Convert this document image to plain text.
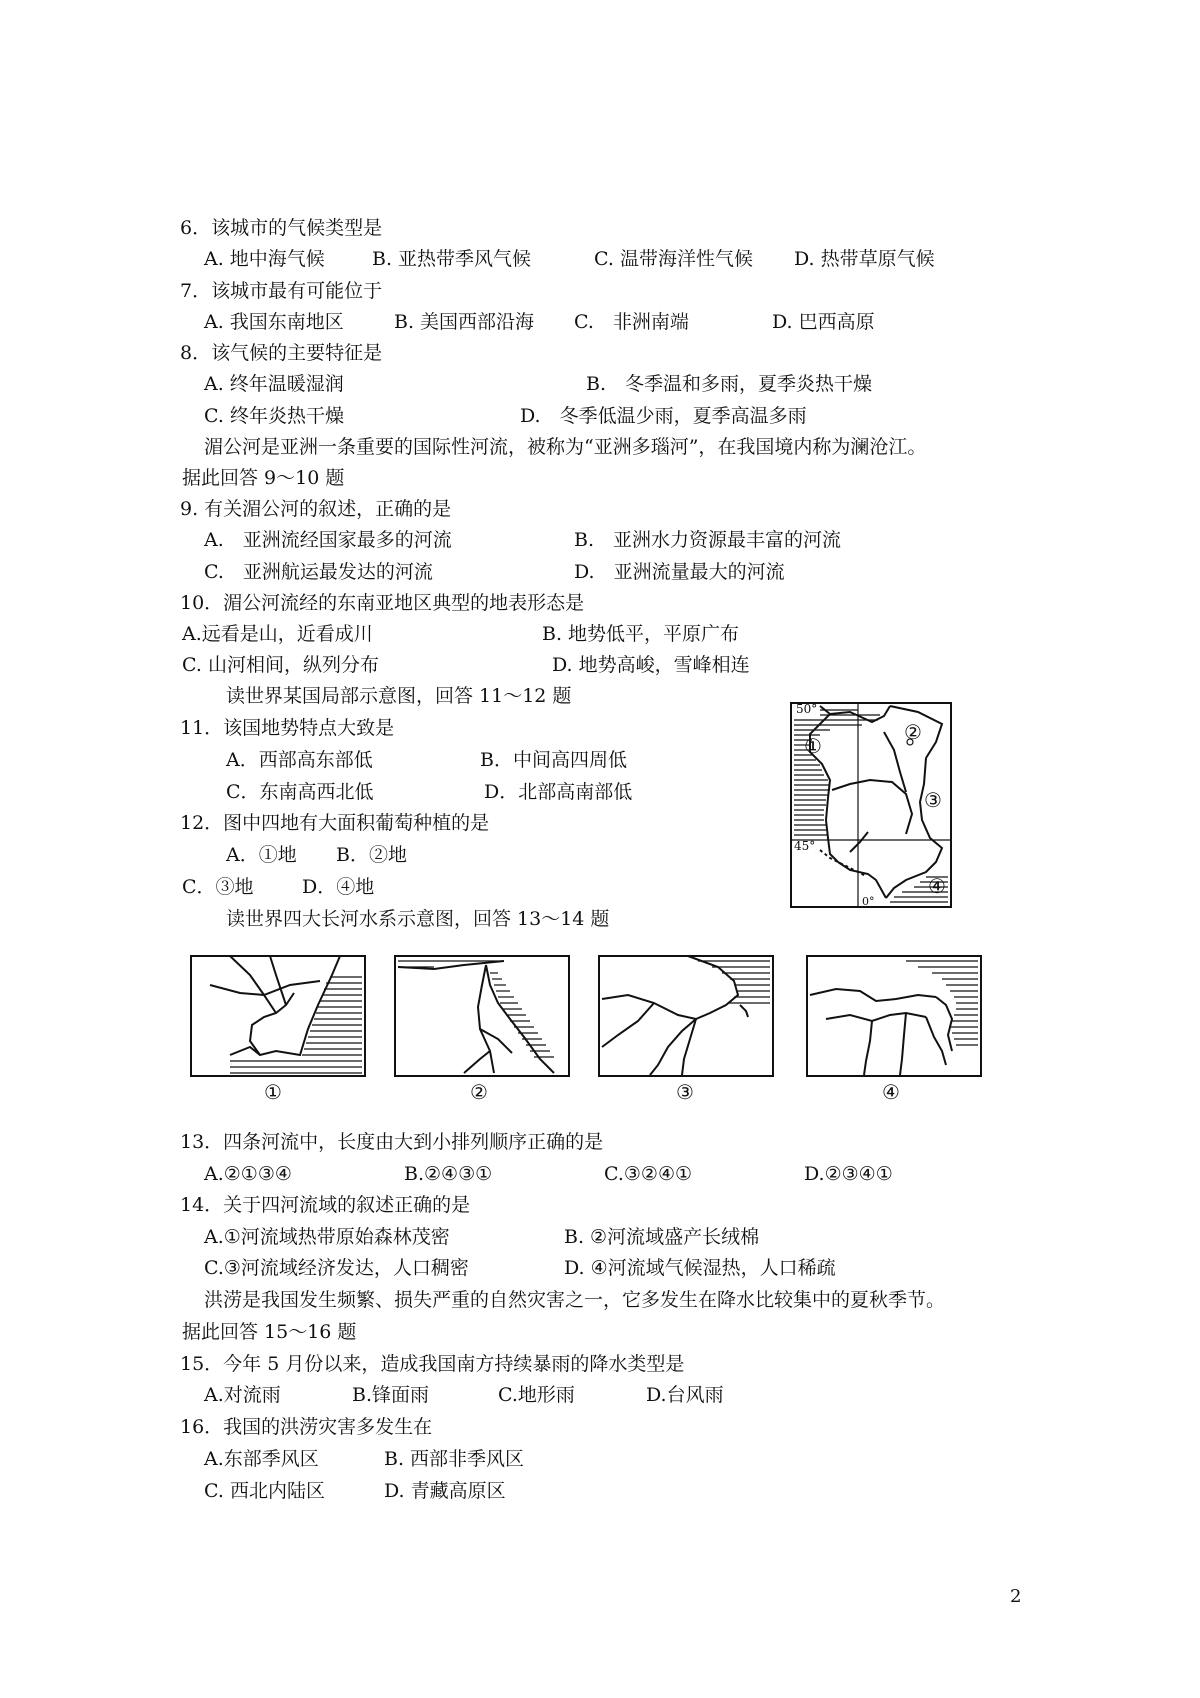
6．该城市的气候类型是
A. 地中海气候 B. 亚热带季风气候	C. 温带海洋性气候 D. 热带草原气候
7．该城市最有可能位于
A. 我国东南地区	B. 美国西部沿海 C.　非洲南端	D. 巴西高原
8．该气候的主要特征是
A. 终年温暖湿润	B.　冬季温和多雨，夏季炎热干燥
C. 终年炎热干燥	D.　冬季低温少雨，夏季高温多雨
湄公河是亚洲一条重要的国际性河流，被称为“亚洲多瑙河”，在我国境内称为澜沧江。
据此回答 9～10 题
9. 有关湄公河的叙述，正确的是
A.　亚洲流经国家最多的河流	B.　亚洲水力资源最丰富的河流
C.　亚洲航运最发达的河流	D.　亚洲流量最大的河流
10．湄公河流经的东南亚地区典型的地表形态是
A.远看是山，近看成川	B. 地势低平，平原广布
C. 山河相间，纵列分布	D. 地势高峻，雪峰相连
读世界某国局部示意图，回答 11～12 题
11．该国地势特点大致是
A．西部高东部低	B．中间高四周低
C．东南高西北低	D．北部高南部低
12．图中四地有大面积葡萄种植的是
A．①地 B．②地
C．③地	D．④地
50°
45°
0°
①
②
③
④
读世界四大长河水系示意图，回答 13～14 题
①	②	③	④
13．四条河流中，长度由大到小排列顺序正确的是
A.②①③④	B.②④③①	C.③②④①	D.②③④①
14．关于四河流域的叙述正确的是
A.①河流域热带原始森林茂密	B. ②河流域盛产长绒棉
C.③河流域经济发达，人口稠密	D. ④河流域气候湿热，人口稀疏
洪涝是我国发生频繁、损失严重的自然灾害之一，它多发生在降水比较集中的夏秋季节。
据此回答 15～16 题
15．今年 5 月份以来，造成我国南方持续暴雨的降水类型是
A.对流雨	B.锋面雨	C.地形雨	D.台风雨
16．我国的洪涝灾害多发生在
A.东部季风区	B. 西部非季风区
C. 西北内陆区	D. 青藏高原区
2
